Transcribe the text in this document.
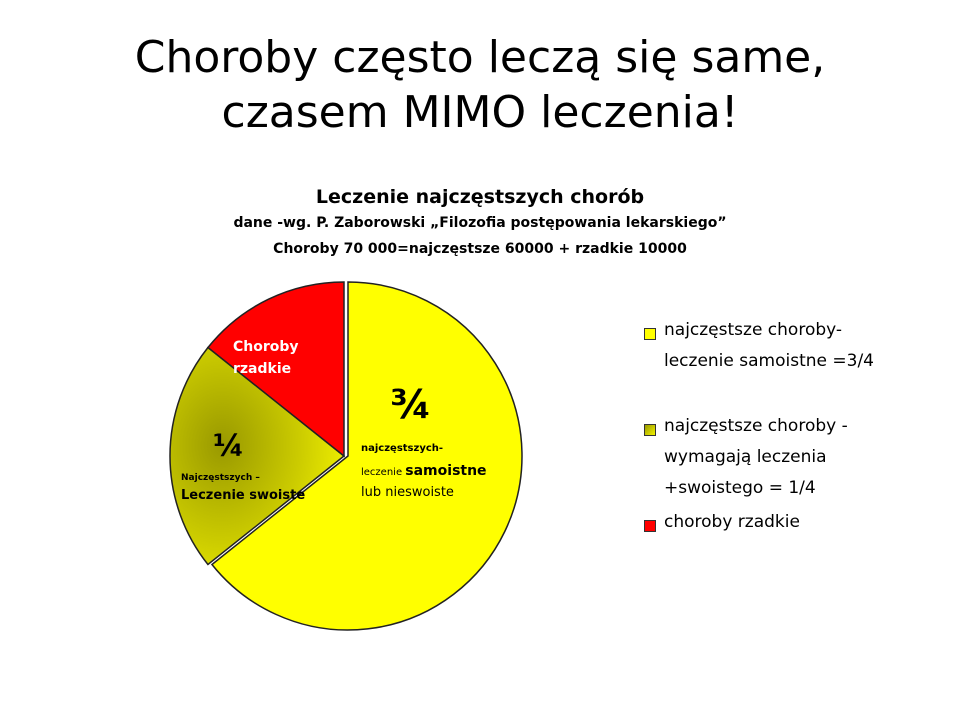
Choroby często leczą się same,
czasem MIMO leczenia!
Leczenie najczęstszych chorób
dane -wg. P. Zaborowski „Filozofia postępowania lekarskiego”
Choroby 70 000=najczęstsze 60000 + rzadkie 10000
Choroby
rzadkie
¾
najczęstszych-
leczenie samoistne
lub nieswoiste
¼
Najczęstszych –
Leczenie swoiste
najczęstsze choroby-
leczenie samoistne =3/4
najczęstsze choroby -
wymagają leczenia
+swoistego = 1/4
choroby rzadkie
